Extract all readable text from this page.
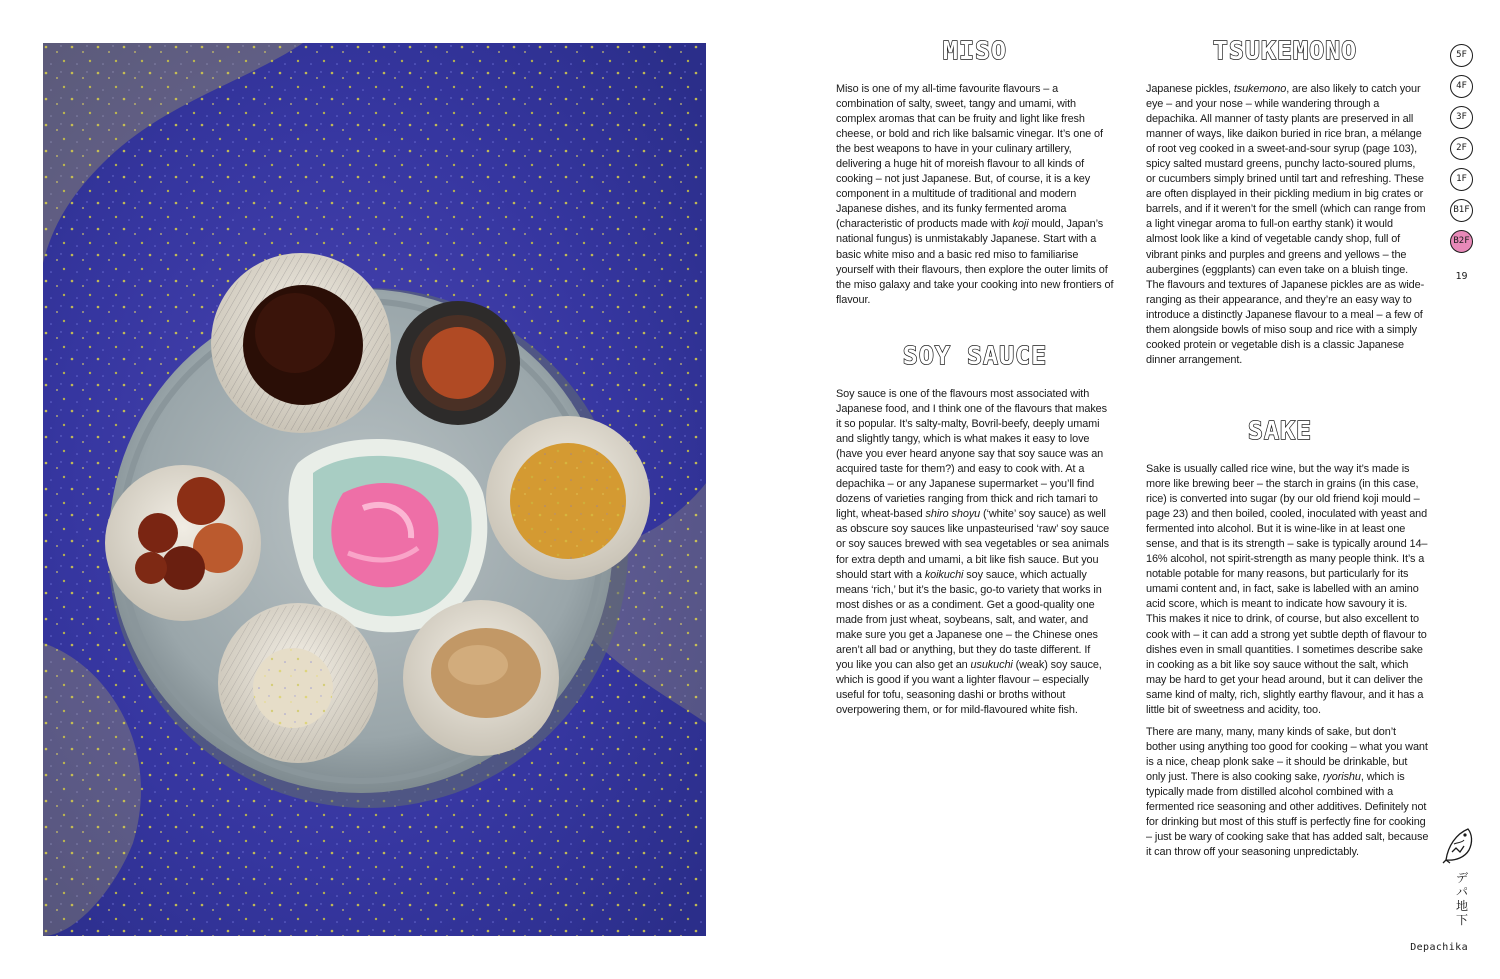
MISO
SOY SAUCE
TSUKEMONO
SAKE

Miso is one of my all-time favourite flavours – a combination of salty, sweet, tangy and umami, with complex aromas that can be fruity and light like fresh cheese, or bold and rich like balsamic vinegar. It’s one of the best weapons to have in your culinary artillery, delivering a huge hit of moreish flavour to all kinds of cooking – not just Japanese. But, of course, it is a key component in a multitude of traditional and modern Japanese dishes, and its funky fermented aroma (characteristic of products made with koji mould, Japan’s national fungus) is unmistakably Japanese. Start with a basic white miso and a basic red miso to familiarise yourself with their flavours, then explore the outer limits of the miso galaxy and take your cooking into new frontiers of flavour.

Soy sauce is one of the flavours most associated with Japanese food, and I think one of the flavours that makes it so popular. It’s salty-malty, Bovril-beefy, deeply umami and slightly tangy, which is what makes it easy to love (have you ever heard anyone say that soy sauce was an acquired taste for them?) and easy to cook with. At a depachika – or any Japanese supermarket – you’ll find dozens of varieties ranging from thick and rich tamari to light, wheat-based shiro shoyu (‘white’ soy sauce) as well as obscure soy sauces like unpasteurised ‘raw’ soy sauce or soy sauces brewed with sea vegetables or sea animals for extra depth and umami, a bit like fish sauce. But you should start with a koikuchi soy sauce, which actually means ‘rich,’ but it’s the basic, go-to variety that works in most dishes or as a condiment. Get a good-quality one made from just wheat, soybeans, salt, and water, and make sure you get a Japanese one – the Chinese ones aren’t all bad or anything, but they do taste different. If you like you can also get an usukuchi (weak) soy sauce, which is good if you want a lighter flavour – especially useful for tofu, seasoning dashi or broths without overpowering them, or for mild-flavoured white fish.

Japanese pickles, tsukemono, are also likely to catch your eye – and your nose – while wandering through a depachika. All manner of tasty plants are preserved in all manner of ways, like daikon buried in rice bran, a mélange of root veg cooked in a sweet-and-sour syrup (page 103), spicy salted mustard greens, punchy lacto-soured plums, or cucumbers simply brined until tart and refreshing. These are often displayed in their pickling medium in big crates or barrels, and if it weren’t for the smell (which can range from a light vinegar aroma to full-on earthy stank) it would almost look like a kind of vegetable candy shop, full of vibrant pinks and purples and greens and yellows – the aubergines (eggplants) can even take on a bluish tinge. The flavours and textures of Japanese pickles are as wide-ranging as their appearance, and they’re an easy way to introduce a distinctly Japanese flavour to a meal – a few of them alongside bowls of miso soup and rice with a simply cooked protein or vegetable dish is a classic Japanese dinner arrangement.

Sake is usually called rice wine, but the way it’s made is more like brewing beer – the starch in grains (in this case, rice) is converted into sugar (by our old friend koji mould – page 23) and then boiled, cooled, inoculated with yeast and fermented into alcohol. But it is wine-like in at least one sense, and that is its strength – sake is typically around 14–16% alcohol, not spirit-strength as many people think. It’s a notable potable for many reasons, but particularly for its umami content and, in fact, sake is labelled with an amino acid score, which is meant to indicate how savoury it is. This makes it nice to drink, of course, but also excellent to cook with – it can add a strong yet subtle depth of flavour to dishes even in small quantities. I sometimes describe sake in cooking as a bit like soy sauce without the salt, which may be hard to get your head around, but it can deliver the same kind of malty, rich, slightly earthy flavour, and it has a little bit of sweetness and acidity, too.

There are many, many, many kinds of sake, but don’t bother using anything too good for cooking – what you want is a nice, cheap plonk sake – it should be drinkable, but only just. There is also cooking sake, ryorishu, which is typically made from distilled alcohol combined with a fermented rice seasoning and other additives. Definitely not for drinking but most of this stuff is perfectly fine for cooking – just be wary of cooking sake that has added salt, because it can throw off your seasoning unpredictably.

5F
4F
3F
2F
1F
B1F
B2F
19
デ
パ
地
下
Depachika
